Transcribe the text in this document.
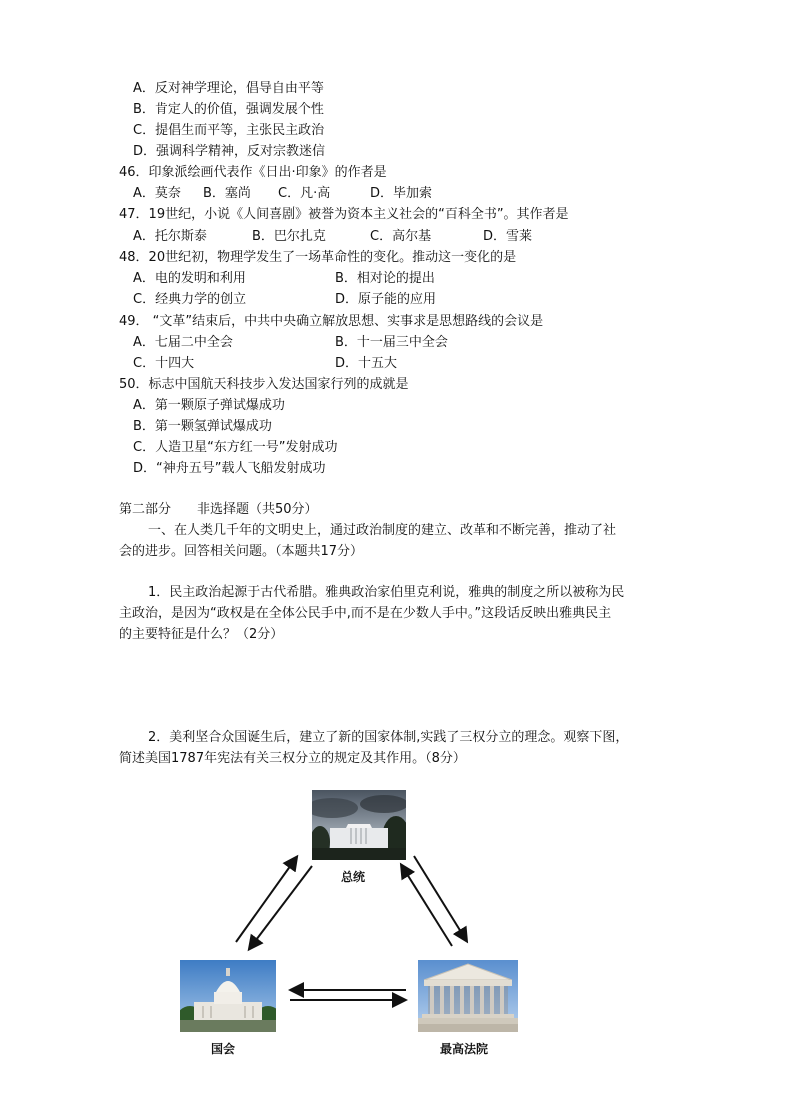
A．反对神学理论，倡导自由平等
B．肯定人的价值，强调发展个性
C．提倡生而平等，主张民主政治
D．强调科学精神，反对宗教迷信
46．印象派绘画代表作《日出·印象》的作者是
A．莫奈 B．塞尚 C．凡·高	D．毕加索
47．19世纪，小说《人间喜剧》被誉为资本主义社会的“百科全书”。其作者是
A．托尔斯泰	B．巴尔扎克	C．高尔基	D．雪莱
48．20世纪初，物理学发生了一场革命性的变化。推动这一变化的是
A．电的发明和利用	B．相对论的提出
C．经典力学的创立	D．原子能的应用
49． “文革”结束后，中共中央确立解放思想、实事求是思想路线的会议是
A．七届二中全会	B．十一届三中全会
C．十四大	D．十五大
50．标志中国航天科技步入发达国家行列的成就是
A．第一颗原子弹试爆成功
B．第一颗氢弹试爆成功
C．人造卫星“东方红一号”发射成功
D．“神舟五号”载人飞船发射成功
第二部分　　非选择题（共50分）
一、在人类几千年的文明史上，通过政治制度的建立、改革和不断完善，推动了社
会的进步。回答相关问题。（本题共17分）
1．民主政治起源于古代希腊。雅典政治家伯里克利说，雅典的制度之所以被称为民
主政治，是因为“政权是在全体公民手中,而不是在少数人手中。”这段话反映出雅典民主
的主要特征是什么？（2分）
2．美利坚合众国诞生后，建立了新的国家体制,实践了三权分立的理念。观察下图，
简述美国1787年宪法有关三权分立的规定及其作用。（8分）
总统
国会	最高法院
